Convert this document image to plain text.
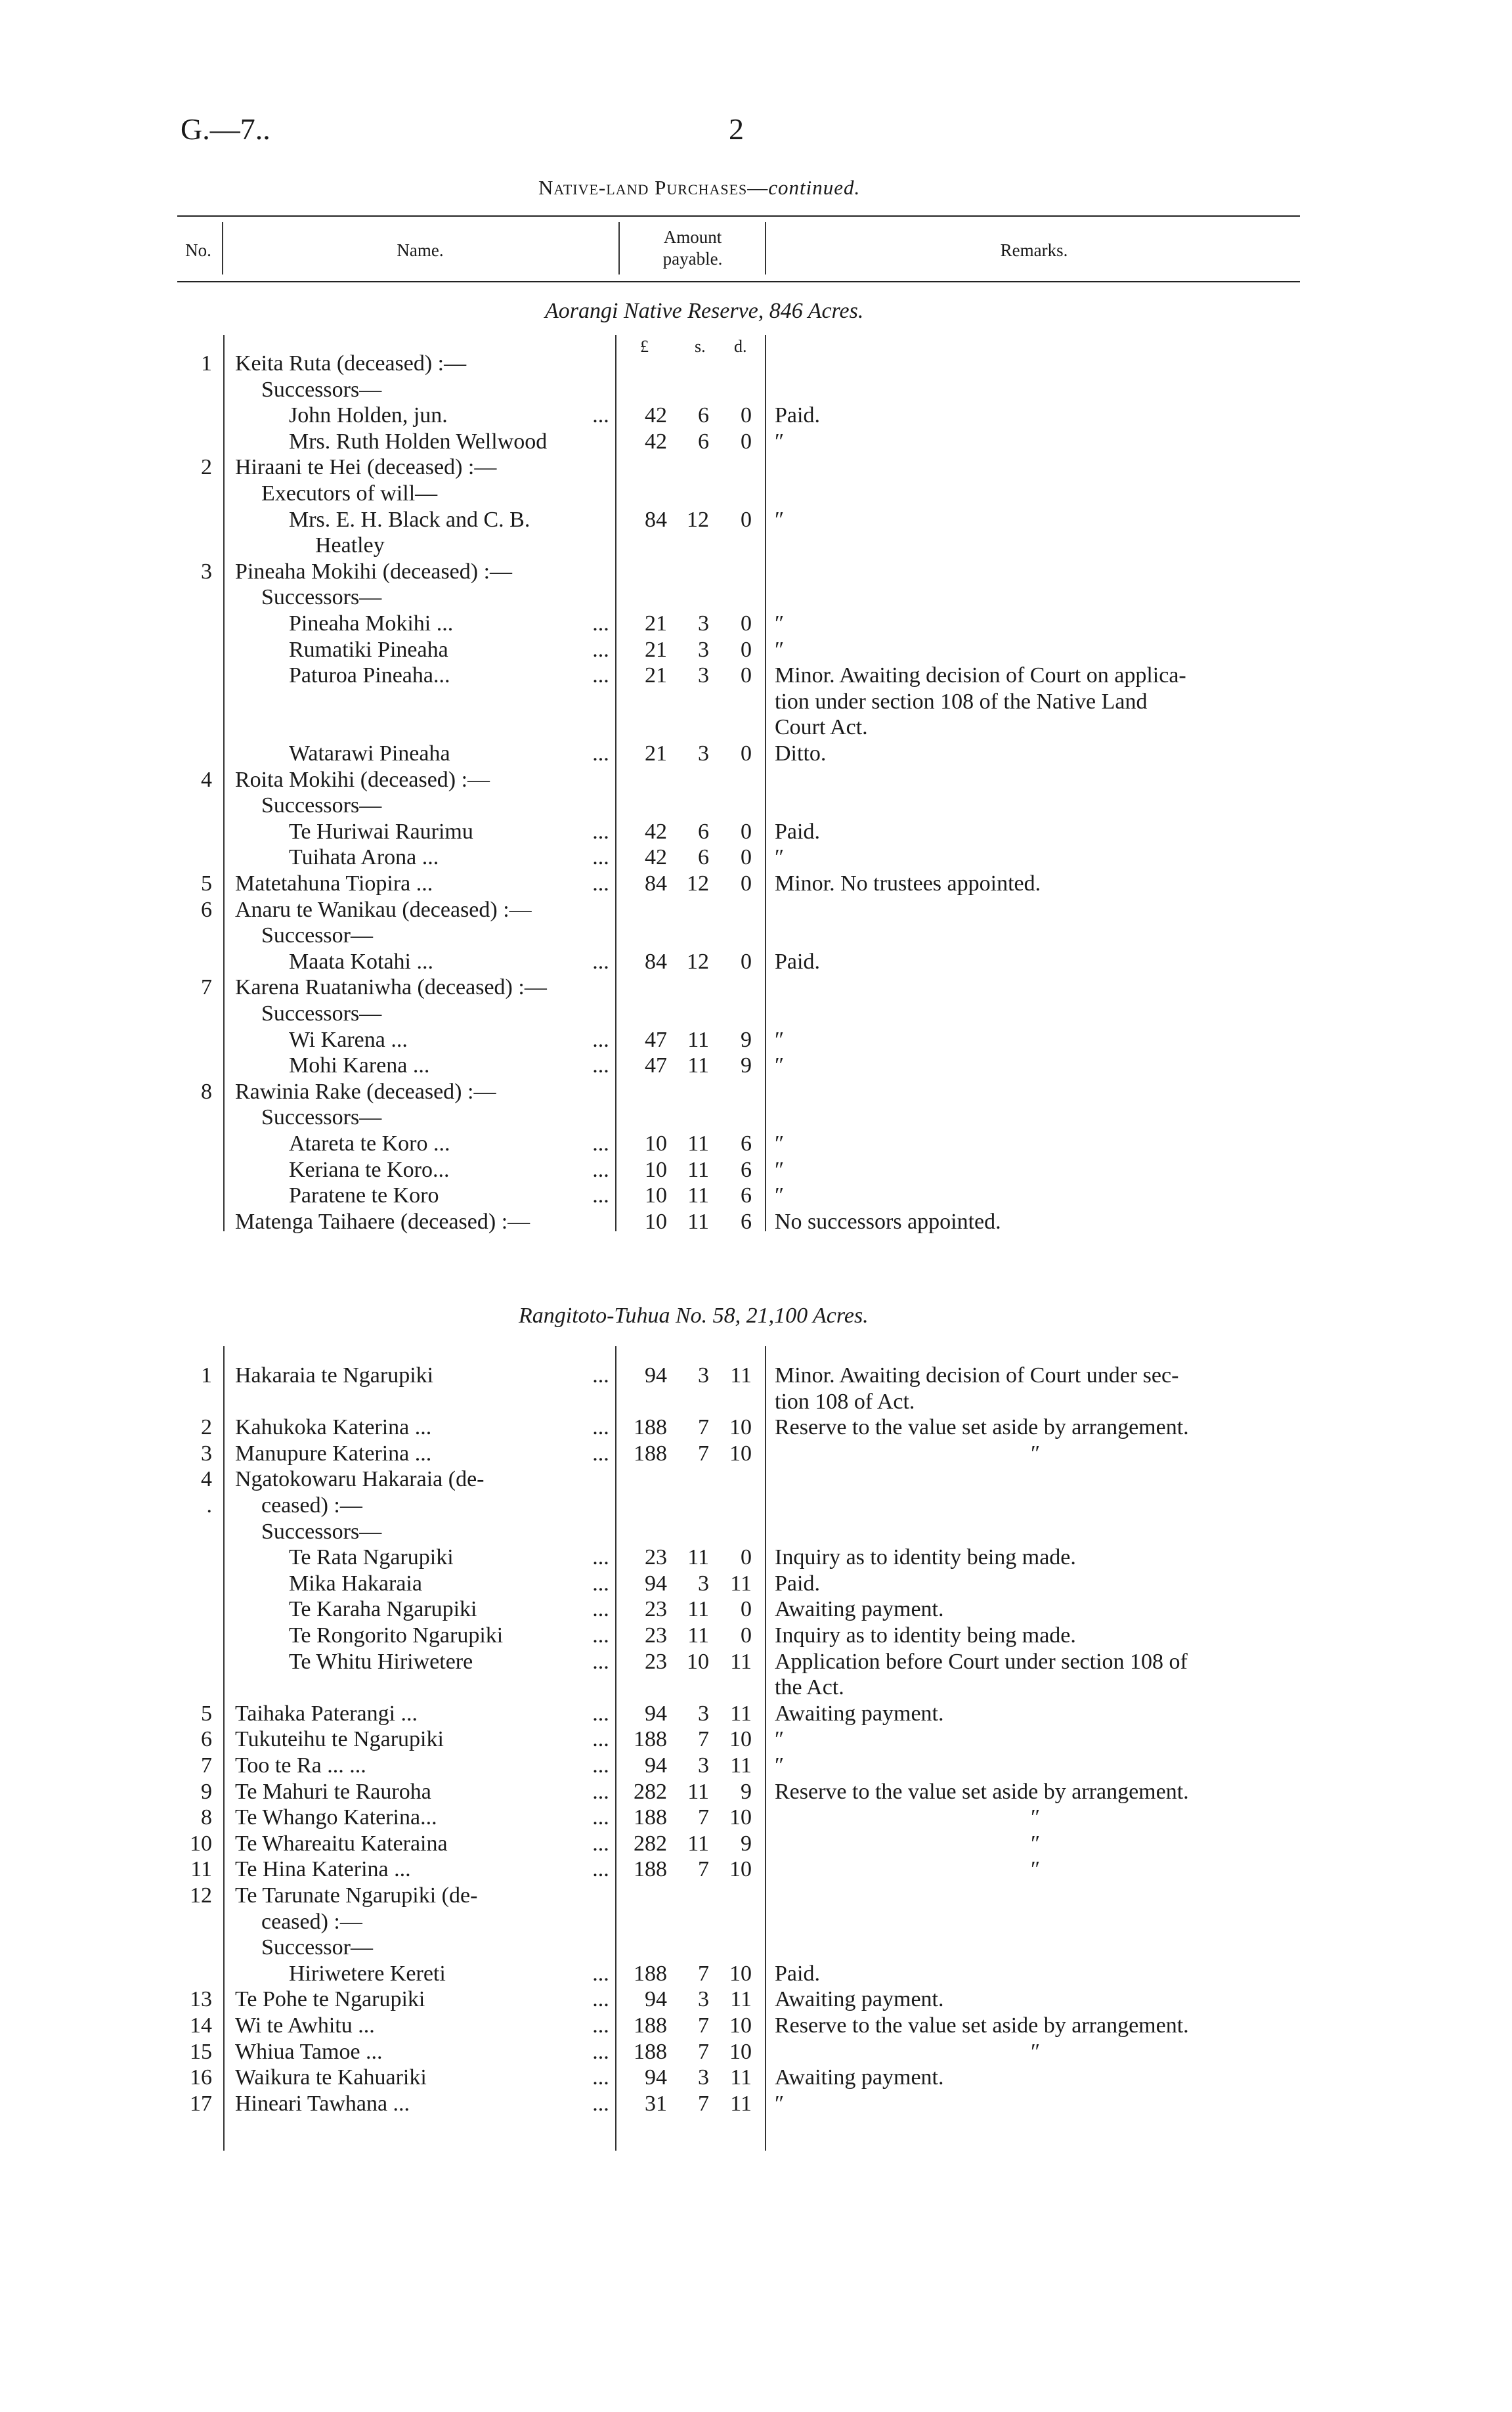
G.—7..	2
Native-land Purchases—continued.
No.	Name.
Amount
payable.	Remarks.
Aorangi Native Reserve, 846 Acres.
Rangitoto-Tuhua No. 58, 21,100 Acres.
£	s. d.
1 Keita Ruta (deceased) :—
Successors—
John Holden, jun.	...	42	6	0 Paid.
Mrs. Ruth Holden Wellwood	42	6	0 ″
2 Hiraani te Hei (deceased) :—
Executors of will—
Mrs. E. H. Black and C. B.	84 12	0 ″
Heatley
3 Pineaha Mokihi (deceased) :—
Successors—
Pineaha Mokihi ...	...	21	3	0 ″
Rumatiki Pineaha	...	21	3	0 ″
Paturoa Pineaha...	...	21	3	0 Minor. Awaiting decision of Court on applica-
tion under section 108 of the Native Land
Court Act.
Watarawi Pineaha	...	21	3	0 Ditto.
4 Roita Mokihi (deceased) :—
Successors—
Te Huriwai Raurimu	...	42	6	0 Paid.
Tuihata Arona ...	...	42	6	0 ″
5 Matetahuna Tiopira ...	...	84 12	0 Minor. No trustees appointed.
6 Anaru te Wanikau (deceased) :—
Successor—
Maata Kotahi ...	...	84 12	0 Paid.
7 Karena Ruataniwha (deceased) :—
Successors—
Wi Karena ...	...	47 11	9 ″
Mohi Karena ...	...	47 11	9 ″
8 Rawinia Rake (deceased) :—
Successors—
Atareta te Koro ...	...	10 11	6 ″
Keriana te Koro...	...	10 11	6 ″
Paratene te Koro	...	10 11	6 ″
Matenga Taihaere (deceased) :—	10 11	6 No successors appointed.
1 Hakaraia te Ngarupiki	...	94	3 11 Minor. Awaiting decision of Court under sec-
tion 108 of Act.
2 Kahukoka Katerina ...	...	188	7 10 Reserve to the value set aside by arrangement.
3 Manupure Katerina ...	...	188	7 10	″
4 Ngatokowaru Hakaraia (de-
. ceased) :—
Successors—
Te Rata Ngarupiki	...	23 11	0 Inquiry as to identity being made.
Mika Hakaraia	...	94	3 11 Paid.
Te Karaha Ngarupiki	...	23 11	0 Awaiting payment.
Te Rongorito Ngarupiki	...	23 11	0 Inquiry as to identity being made.
Te Whitu Hiriwetere	...	23 10 11 Application before Court under section 108 of
the Act.
5 Taihaka Paterangi ...	...	94	3 11 Awaiting payment.
6 Tukuteihu te Ngarupiki	...	188	7 10 ″
7 Too te Ra ... ...	...	94	3 11 ″
9 Te Mahuri te Rauroha	...	282 11	9 Reserve to the value set aside by arrangement.
8 Te Whango Katerina...	...	188	7 10	″
10 Te Whareaitu Kateraina	...	282 11	9	″
11 Te Hina Katerina ...	...	188	7 10	″
12 Te Tarunate Ngarupiki (de-
ceased) :—
Successor—
Hiriwetere Kereti	...	188	7 10 Paid.
13 Te Pohe te Ngarupiki	...	94	3 11 Awaiting payment.
14 Wi te Awhitu ...	...	188	7 10 Reserve to the value set aside by arrangement.
15 Whiua Tamoe ...	...	188	7 10	″
16 Waikura te Kahuariki	...	94	3 11 Awaiting payment.
17 Hineari Tawhana ...	...	31	7 11 ″
